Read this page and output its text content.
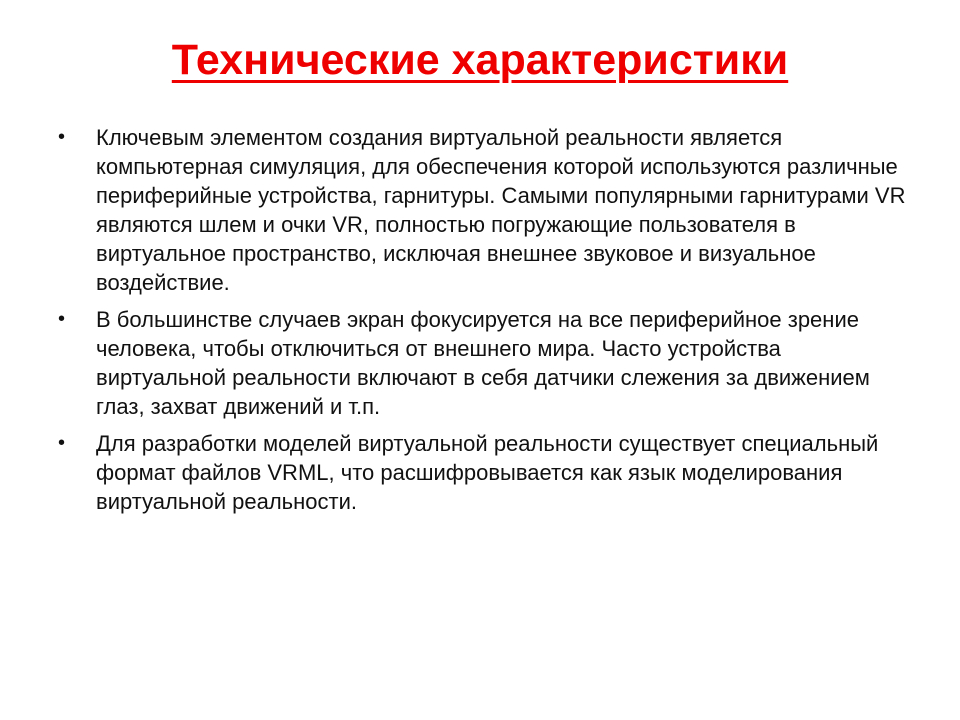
Технические характеристики
•	Ключевым элементом создания виртуальной реальности является компьютерная симуляция, для обеспечения которой используются различные периферийные устройства, гарнитуры. Самыми популярными гарнитурами VR являются шлем и очки VR, полностью погружающие пользователя в виртуальное пространство, исключая внешнее звуковое и визуальное воздействие.
•	В большинстве случаев экран фокусируется на все периферийное зрение человека, чтобы отключиться от внешнего мира. Часто устройства виртуальной реальности включают в себя датчики слежения за движением глаз, захват движений и т.п.
•	Для разработки моделей виртуальной реальности существует специальный формат файлов VRML, что расшифровывается как язык моделирования виртуальной реальности.
